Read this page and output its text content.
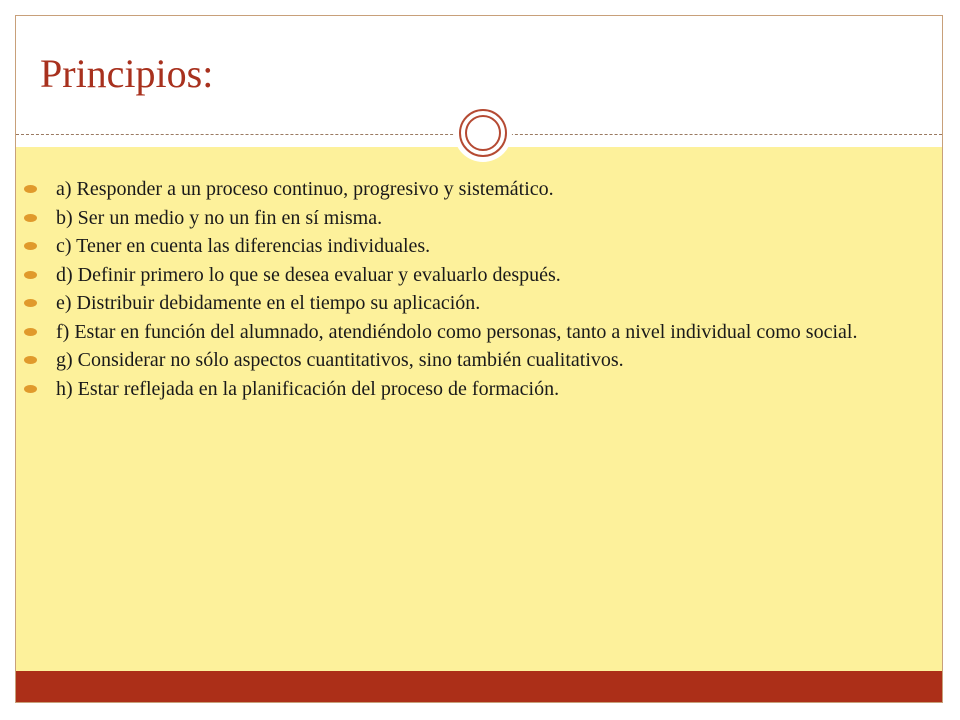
Principios:
a) Responder a un proceso continuo, progresivo y sistemático.
b) Ser un medio y no un fin en sí misma.
c) Tener en cuenta las diferencias individuales.
d) Definir primero lo que se desea evaluar y evaluarlo después.
e) Distribuir debidamente en el tiempo su aplicación.
f) Estar en función del alumnado, atendiéndolo como personas, tanto a nivel individual como social.
g) Considerar no sólo aspectos cuantitativos, sino también cualitativos.
h) Estar reflejada en la planificación del proceso de formación.
